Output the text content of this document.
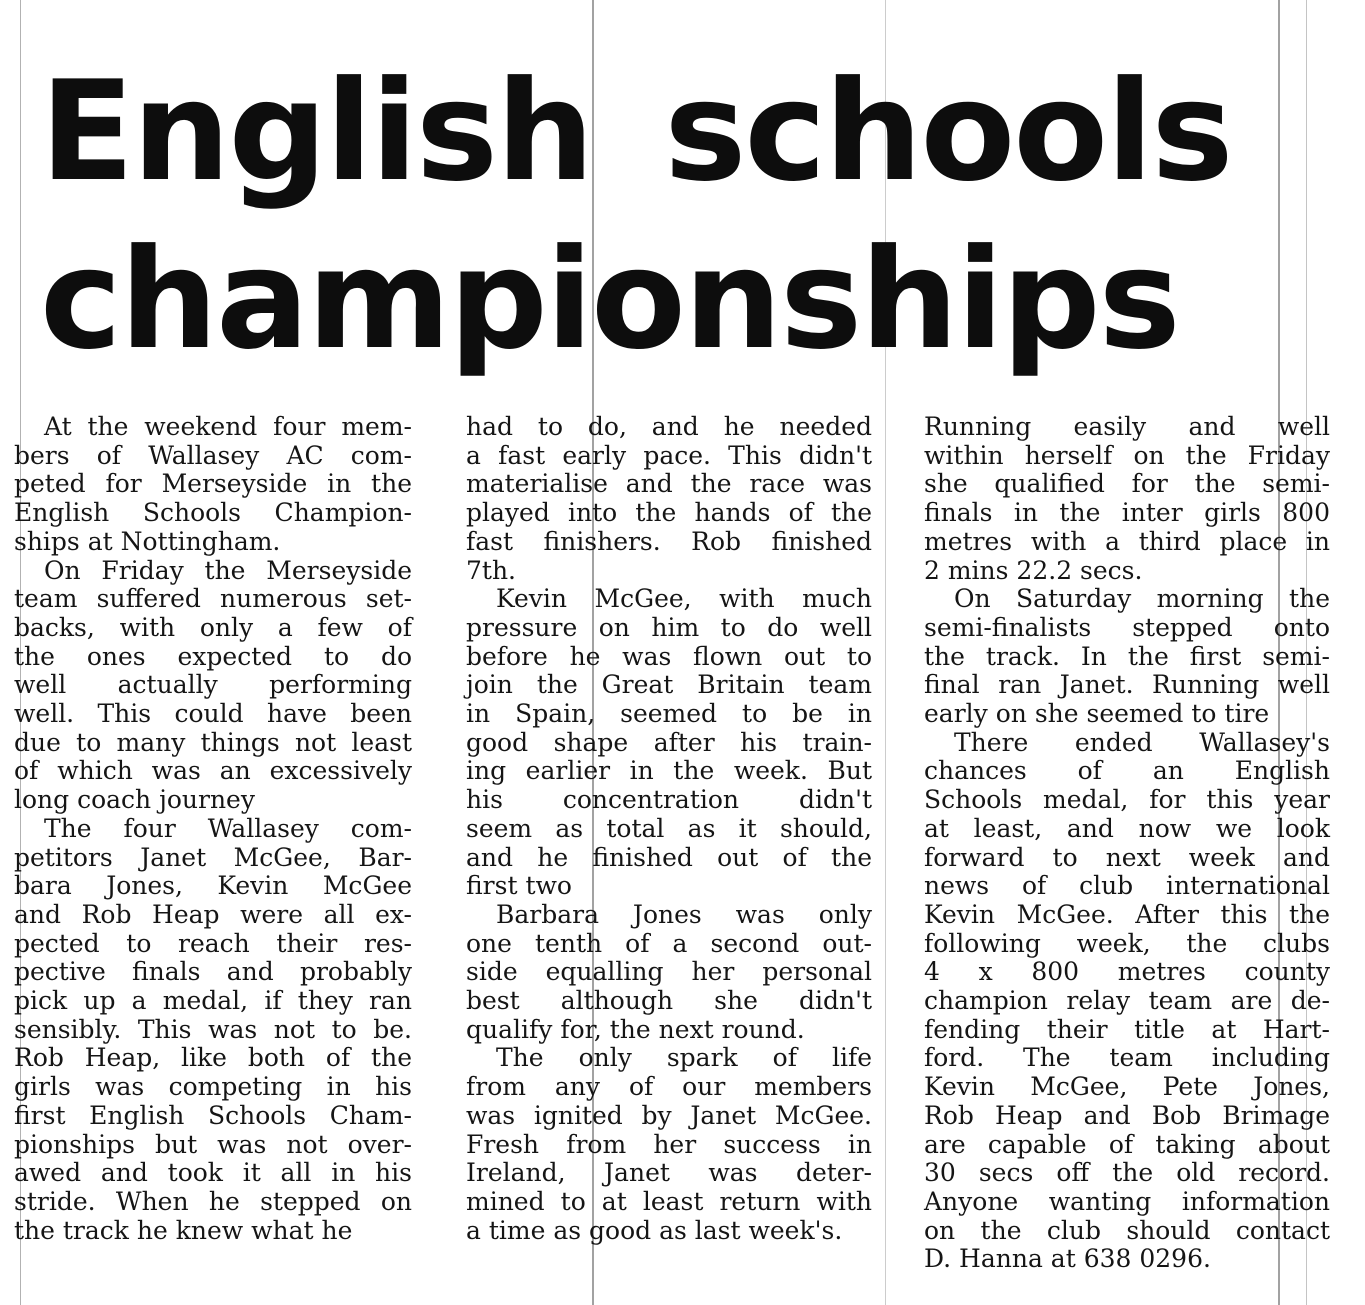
English schools
championships
At the weekend four mem-
bers of Wallasey AC com-
peted for Merseyside in the
English Schools Champion-
ships at Nottingham.
On Friday the Merseyside
team suffered numerous set-
backs, with only a few of
the ones expected to do
well actually performing
well. This could have been
due to many things not least
of which was an excessively
long coach journey
The four Wallasey com-
petitors Janet McGee, Bar-
bara Jones, Kevin McGee
and Rob Heap were all ex-
pected to reach their res-
pective finals and probably
pick up a medal, if they ran
sensibly. This was not to be.
Rob Heap, like both of the
girls was competing in his
first English Schools Cham-
pionships but was not over-
awed and took it all in his
stride. When he stepped on
the track he knew what he
had to do, and he needed
a fast early pace. This didn't
materialise and the race was
played into the hands of the
fast finishers. Rob finished
7th.
Kevin McGee, with much
pressure on him to do well
before he was flown out to
join the Great Britain team
in Spain, seemed to be in
good shape after his train-
ing earlier in the week. But
his concentration didn't
seem as total as it should,
and he finished out of the
first two
Barbara Jones was only
one tenth of a second out-
side equalling her personal
best although she didn't
qualify for, the next round.
The only spark of life
from any of our members
was ignited by Janet McGee.
Fresh from her success in
Ireland, Janet was deter-
mined to at least return with
a time as good as last week's.
Running easily and well
within herself on the Friday
she qualified for the semi-
finals in the inter girls 800
metres with a third place in
2 mins 22.2 secs.
On Saturday morning the
semi-finalists stepped onto
the track. In the first semi-
final ran Janet. Running well
early on she seemed to tire
There ended Wallasey's
chances of an English
Schools medal, for this year
at least, and now we look
forward to next week and
news of club international
Kevin McGee. After this the
following week, the clubs
4 x 800 metres county
champion relay team are de-
fending their title at Hart-
ford. The team including
Kevin McGee, Pete Jones,
Rob Heap and Bob Brimage
are capable of taking about
30 secs off the old record.
Anyone wanting information
on the club should contact
D. Hanna at 638 0296.
